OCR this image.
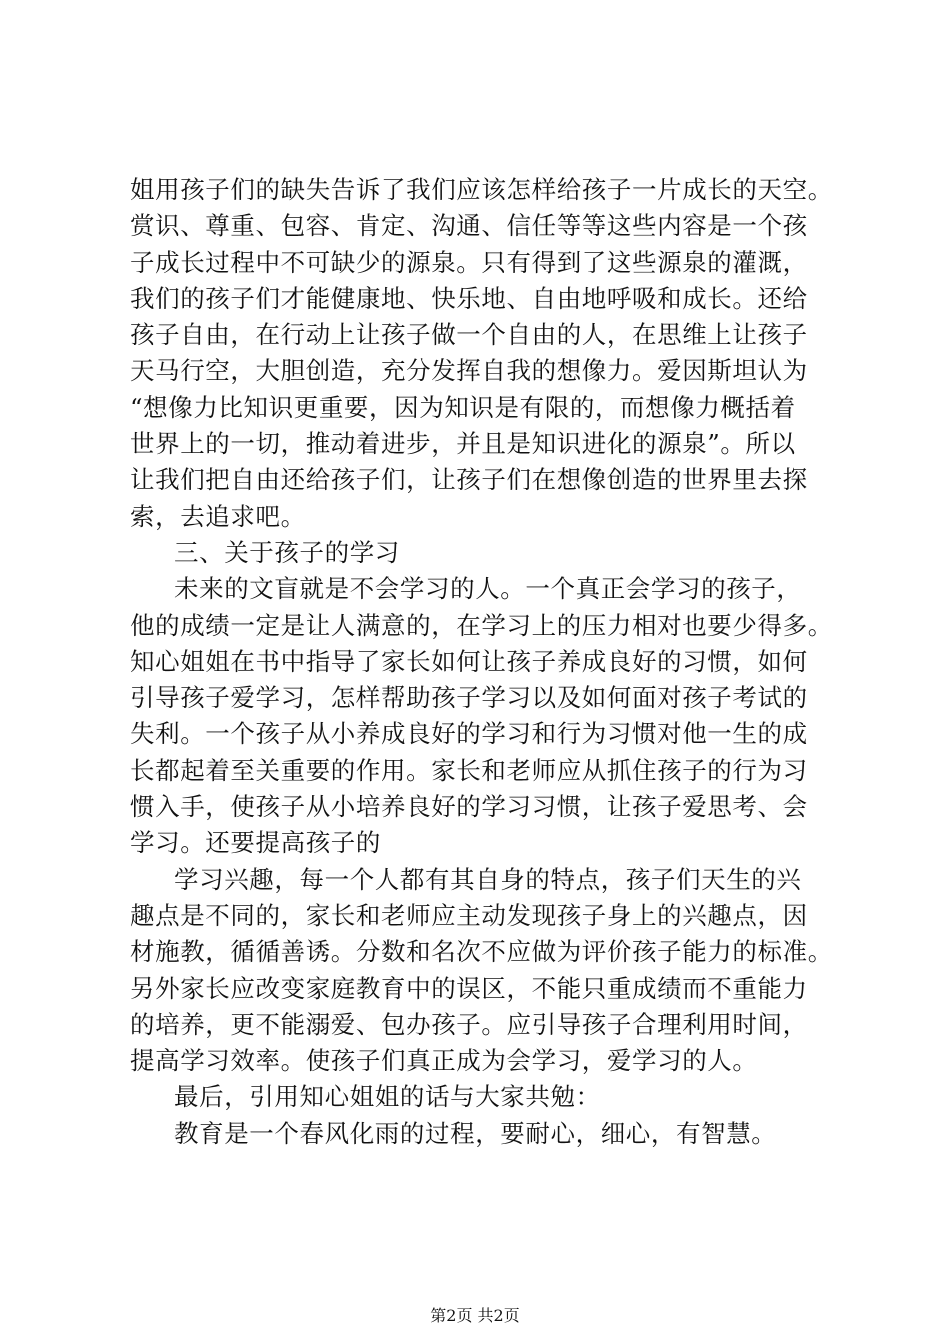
姐用孩子们的缺失告诉了我们应该怎样给孩子一片成长的天空。
赏识、尊重、包容、肯定、沟通、信任等等这些内容是一个孩
子成长过程中不可缺少的源泉。只有得到了这些源泉的灌溉，
我们的孩子们才能健康地、快乐地、自由地呼吸和成长。还给
孩子自由，在行动上让孩子做一个自由的人，在思维上让孩子
天马行空，大胆创造，充分发挥自我的想像力。爱因斯坦认为
“想像力比知识更重要，因为知识是有限的，而想像力概括着
世界上的一切，推动着进步，并且是知识进化的源泉”。所以
让我们把自由还给孩子们，让孩子们在想像创造的世界里去探
索，去追求吧。
三、关于孩子的学习
未来的文盲就是不会学习的人。一个真正会学习的孩子，
他的成绩一定是让人满意的，在学习上的压力相对也要少得多。
知心姐姐在书中指导了家长如何让孩子养成良好的习惯，如何
引导孩子爱学习，怎样帮助孩子学习以及如何面对孩子考试的
失利。一个孩子从小养成良好的学习和行为习惯对他一生的成
长都起着至关重要的作用。家长和老师应从抓住孩子的行为习
惯入手，使孩子从小培养良好的学习习惯，让孩子爱思考、会
学习。还要提高孩子的
学习兴趣，每一个人都有其自身的特点，孩子们天生的兴
趣点是不同的，家长和老师应主动发现孩子身上的兴趣点，因
材施教，循循善诱。分数和名次不应做为评价孩子能力的标准。
另外家长应改变家庭教育中的误区，不能只重成绩而不重能力
的培养，更不能溺爱、包办孩子。应引导孩子合理利用时间，
提高学习效率。使孩子们真正成为会学习，爱学习的人。
最后，引用知心姐姐的话与大家共勉：
教育是一个春风化雨的过程，要耐心，细心，有智慧。
第2页 共2页
